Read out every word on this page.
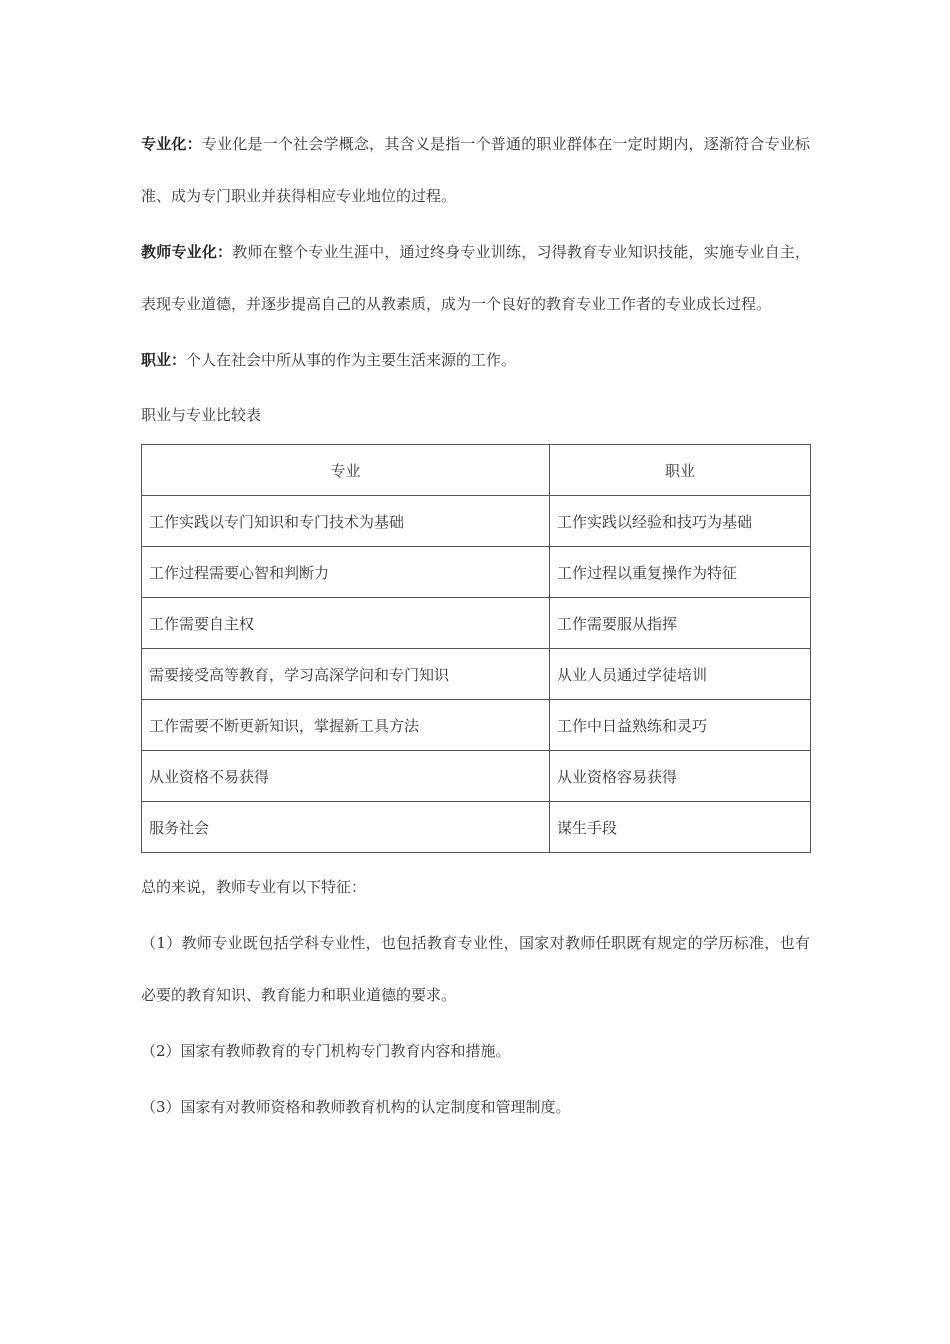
专业化：专业化是一个社会学概念，其含义是指一个普通的职业群体在一定时期内，逐渐符合专业标准、成为专门职业并获得相应专业地位的过程。

教师专业化：教师在整个专业生涯中，通过终身专业训练，习得教育专业知识技能，实施专业自主，表现专业道德，并逐步提高自己的从教素质，成为一个良好的教育专业工作者的专业成长过程。

职业：个人在社会中所从事的作为主要生活来源的工作。

职业与专业比较表

专业	职业
工作实践以专门知识和专门技术为基础	工作实践以经验和技巧为基础
工作过程需要心智和判断力	工作过程以重复操作为特征
工作需要自主权	工作需要服从指挥
需要接受高等教育，学习高深学问和专门知识	从业人员通过学徒培训
工作需要不断更新知识，掌握新工具方法	工作中日益熟练和灵巧
从业资格不易获得	从业资格容易获得
服务社会	谋生手段

总的来说，教师专业有以下特征：

（1）教师专业既包括学科专业性，也包括教育专业性，国家对教师任职既有规定的学历标准，也有必要的教育知识、教育能力和职业道德的要求。

（2）国家有教师教育的专门机构专门教育内容和措施。

（3）国家有对教师资格和教师教育机构的认定制度和管理制度。
